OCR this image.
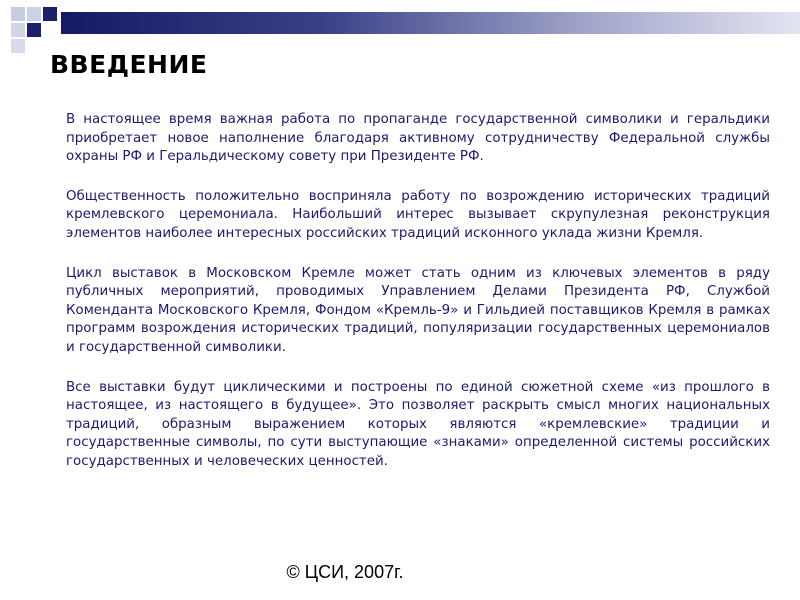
ВВЕДЕНИЕ

В настоящее время важная работа по пропаганде государственной символики и геральдики приобретает новое наполнение благодаря активному сотрудничеству Федеральной службы охраны РФ и Геральдическому совету при Президенте РФ.

Общественность положительно восприняла работу по возрождению исторических традиций кремлевского церемониала. Наибольший интерес вызывает скрупулезная реконструкция элементов наиболее интересных российских традиций исконного уклада жизни Кремля.

Цикл выставок в Московском Кремле может стать одним из ключевых элементов в ряду публичных мероприятий, проводимых Управлением Делами Президента РФ, Службой Коменданта Московского Кремля, Фондом «Кремль-9» и Гильдией поставщиков Кремля в рамках программ возрождения исторических традиций, популяризации государственных церемониалов и государственной символики.

Все выставки будут циклическими и построены по единой сюжетной схеме «из прошлого в настоящее, из настоящего в будущее». Это позволяет раскрыть смысл многих национальных традиций, образным выражением которых являются «кремлевские» традиции и государственные символы, по сути выступающие «знаками» определенной системы российских государственных и человеческих ценностей.

© ЦСИ, 2007г.
